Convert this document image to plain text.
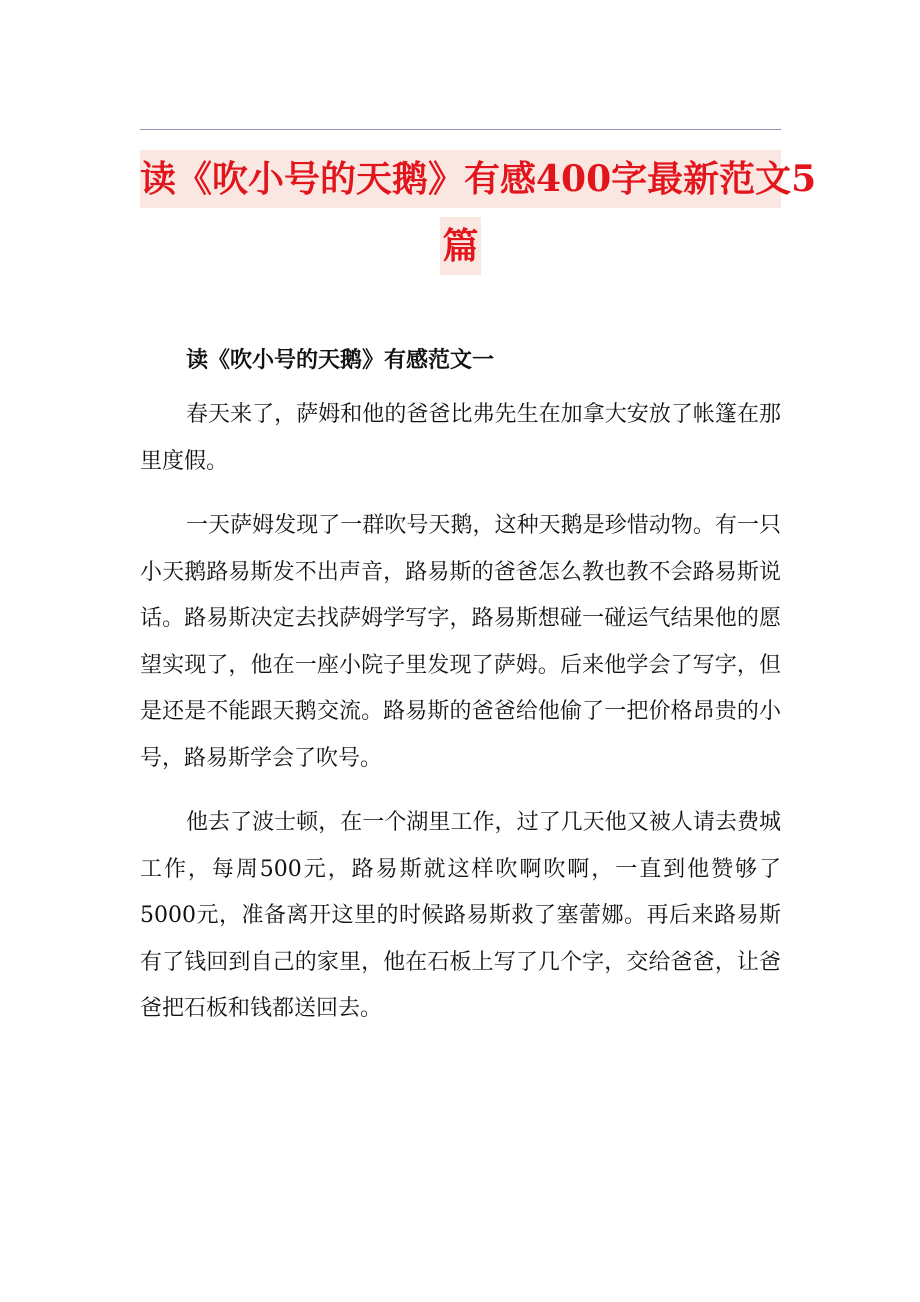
读《吹小号的天鹅》有感400字最新范文5
篇

读《吹小号的天鹅》有感范文一

春天来了，萨姆和他的爸爸比弗先生在加拿大安放了帐篷在那里度假。

一天萨姆发现了一群吹号天鹅，这种天鹅是珍惜动物。有一只小天鹅路易斯发不出声音，路易斯的爸爸怎么教也教不会路易斯说话。路易斯决定去找萨姆学写字，路易斯想碰一碰运气结果他的愿望实现了，他在一座小院子里发现了萨姆。后来他学会了写字，但是还是不能跟天鹅交流。路易斯的爸爸给他偷了一把价格昂贵的小号，路易斯学会了吹号。

他去了波士顿，在一个湖里工作，过了几天他又被人请去费城工作，每周500元，路易斯就这样吹啊吹啊，一直到他赞够了5000元，准备离开这里的时候路易斯救了塞蕾娜。再后来路易斯有了钱回到自己的家里，他在石板上写了几个字，交给爸爸，让爸爸把石板和钱都送回去。
